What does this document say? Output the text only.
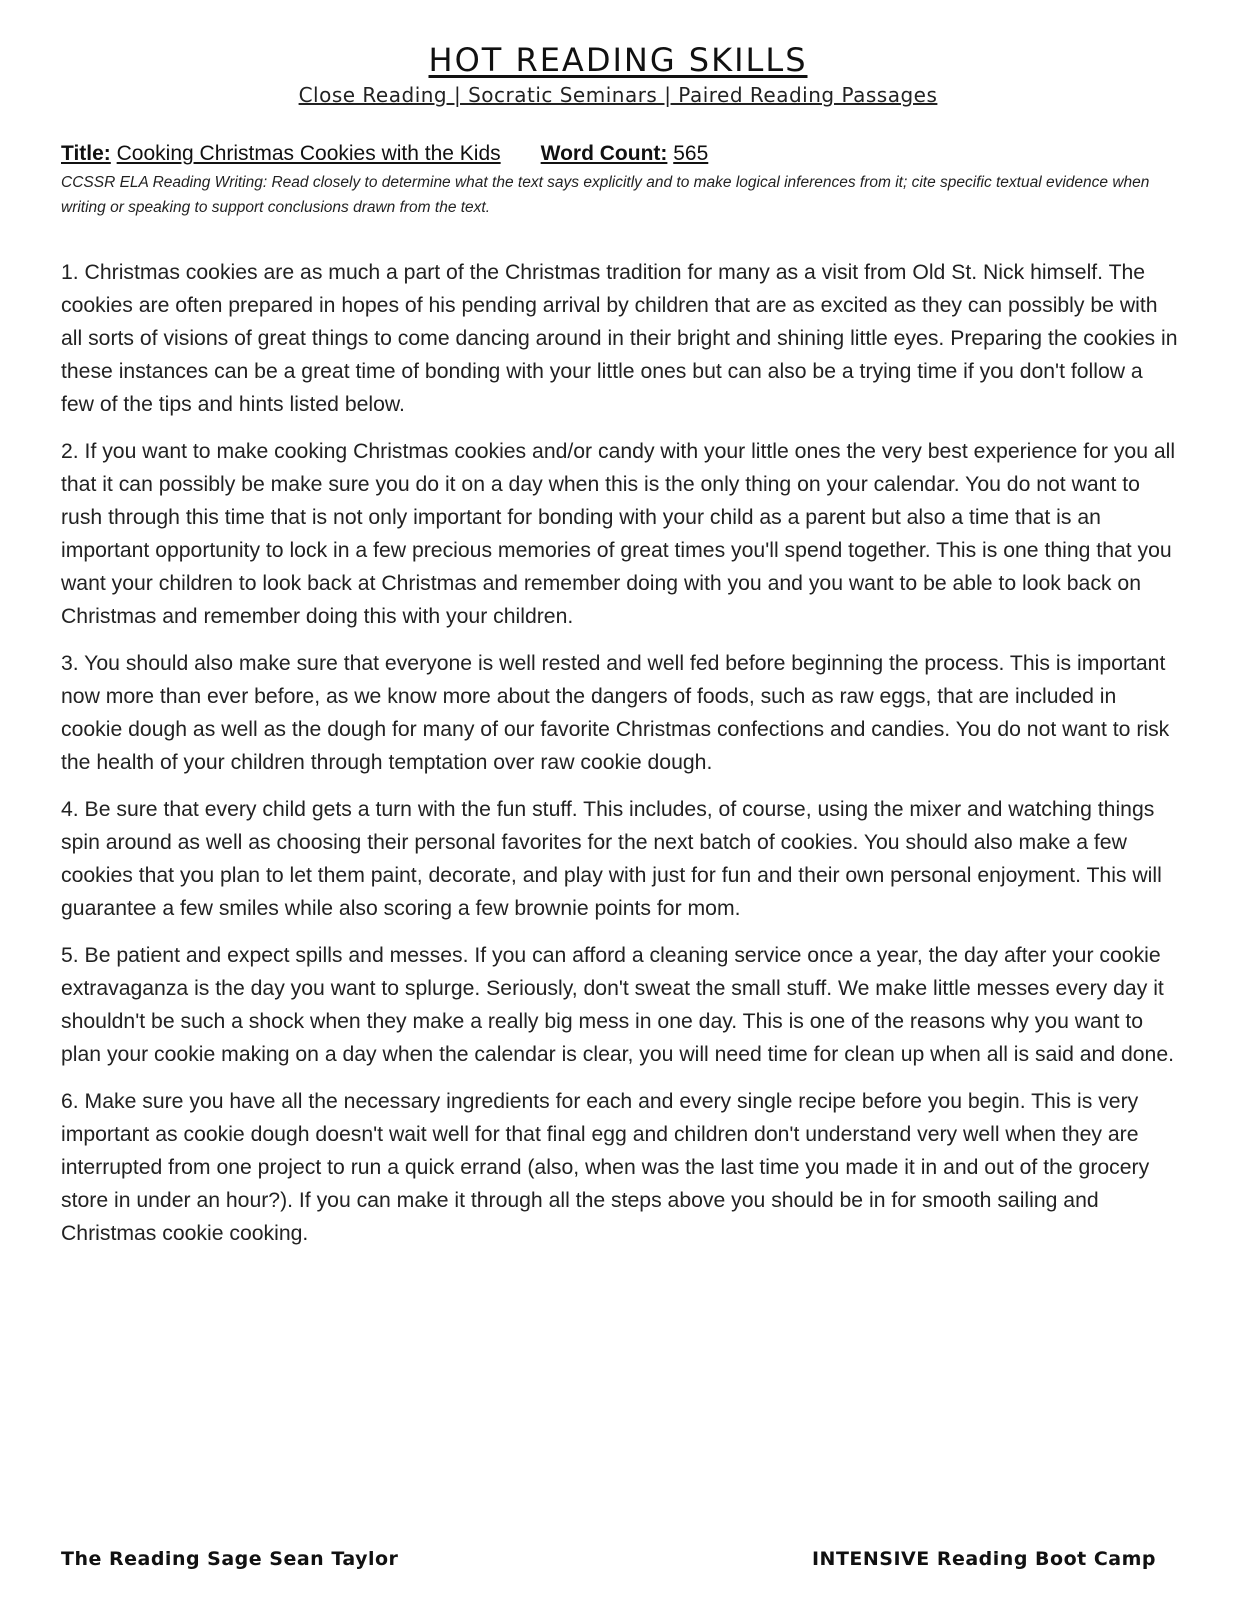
HOT READING SKILLS
Close Reading | Socratic Seminars | Paired Reading Passages
Title: Cooking Christmas Cookies with the Kids Word Count: 565
CCSSR ELA Reading Writing: Read closely to determine what the text says explicitly and to make logical inferences from it; cite specific textual evidence when writing or speaking to support conclusions drawn from the text.

1. Christmas cookies are as much a part of the Christmas tradition for many as a visit from Old St. Nick himself. The cookies are often prepared in hopes of his pending arrival by children that are as excited as they can possibly be with all sorts of visions of great things to come dancing around in their bright and shining little eyes. Preparing the cookies in these instances can be a great time of bonding with your little ones but can also be a trying time if you don't follow a few of the tips and hints listed below.

2. If you want to make cooking Christmas cookies and/or candy with your little ones the very best experience for you all that it can possibly be make sure you do it on a day when this is the only thing on your calendar. You do not want to rush through this time that is not only important for bonding with your child as a parent but also a time that is an important opportunity to lock in a few precious memories of great times you'll spend together. This is one thing that you want your children to look back at Christmas and remember doing with you and you want to be able to look back on Christmas and remember doing this with your children.

3. You should also make sure that everyone is well rested and well fed before beginning the process. This is important now more than ever before, as we know more about the dangers of foods, such as raw eggs, that are included in cookie dough as well as the dough for many of our favorite Christmas confections and candies. You do not want to risk the health of your children through temptation over raw cookie dough.

4. Be sure that every child gets a turn with the fun stuff. This includes, of course, using the mixer and watching things spin around as well as choosing their personal favorites for the next batch of cookies. You should also make a few cookies that you plan to let them paint, decorate, and play with just for fun and their own personal enjoyment. This will guarantee a few smiles while also scoring a few brownie points for mom.

5. Be patient and expect spills and messes. If you can afford a cleaning service once a year, the day after your cookie extravaganza is the day you want to splurge. Seriously, don't sweat the small stuff. We make little messes every day it shouldn't be such a shock when they make a really big mess in one day. This is one of the reasons why you want to plan your cookie making on a day when the calendar is clear, you will need time for clean up when all is said and done.

6. Make sure you have all the necessary ingredients for each and every single recipe before you begin. This is very important as cookie dough doesn't wait well for that final egg and children don't understand very well when they are interrupted from one project to run a quick errand (also, when was the last time you made it in and out of the grocery store in under an hour?). If you can make it through all the steps above you should be in for smooth sailing and Christmas cookie cooking.

The Reading Sage Sean Taylor	INTENSIVE Reading Boot Camp
